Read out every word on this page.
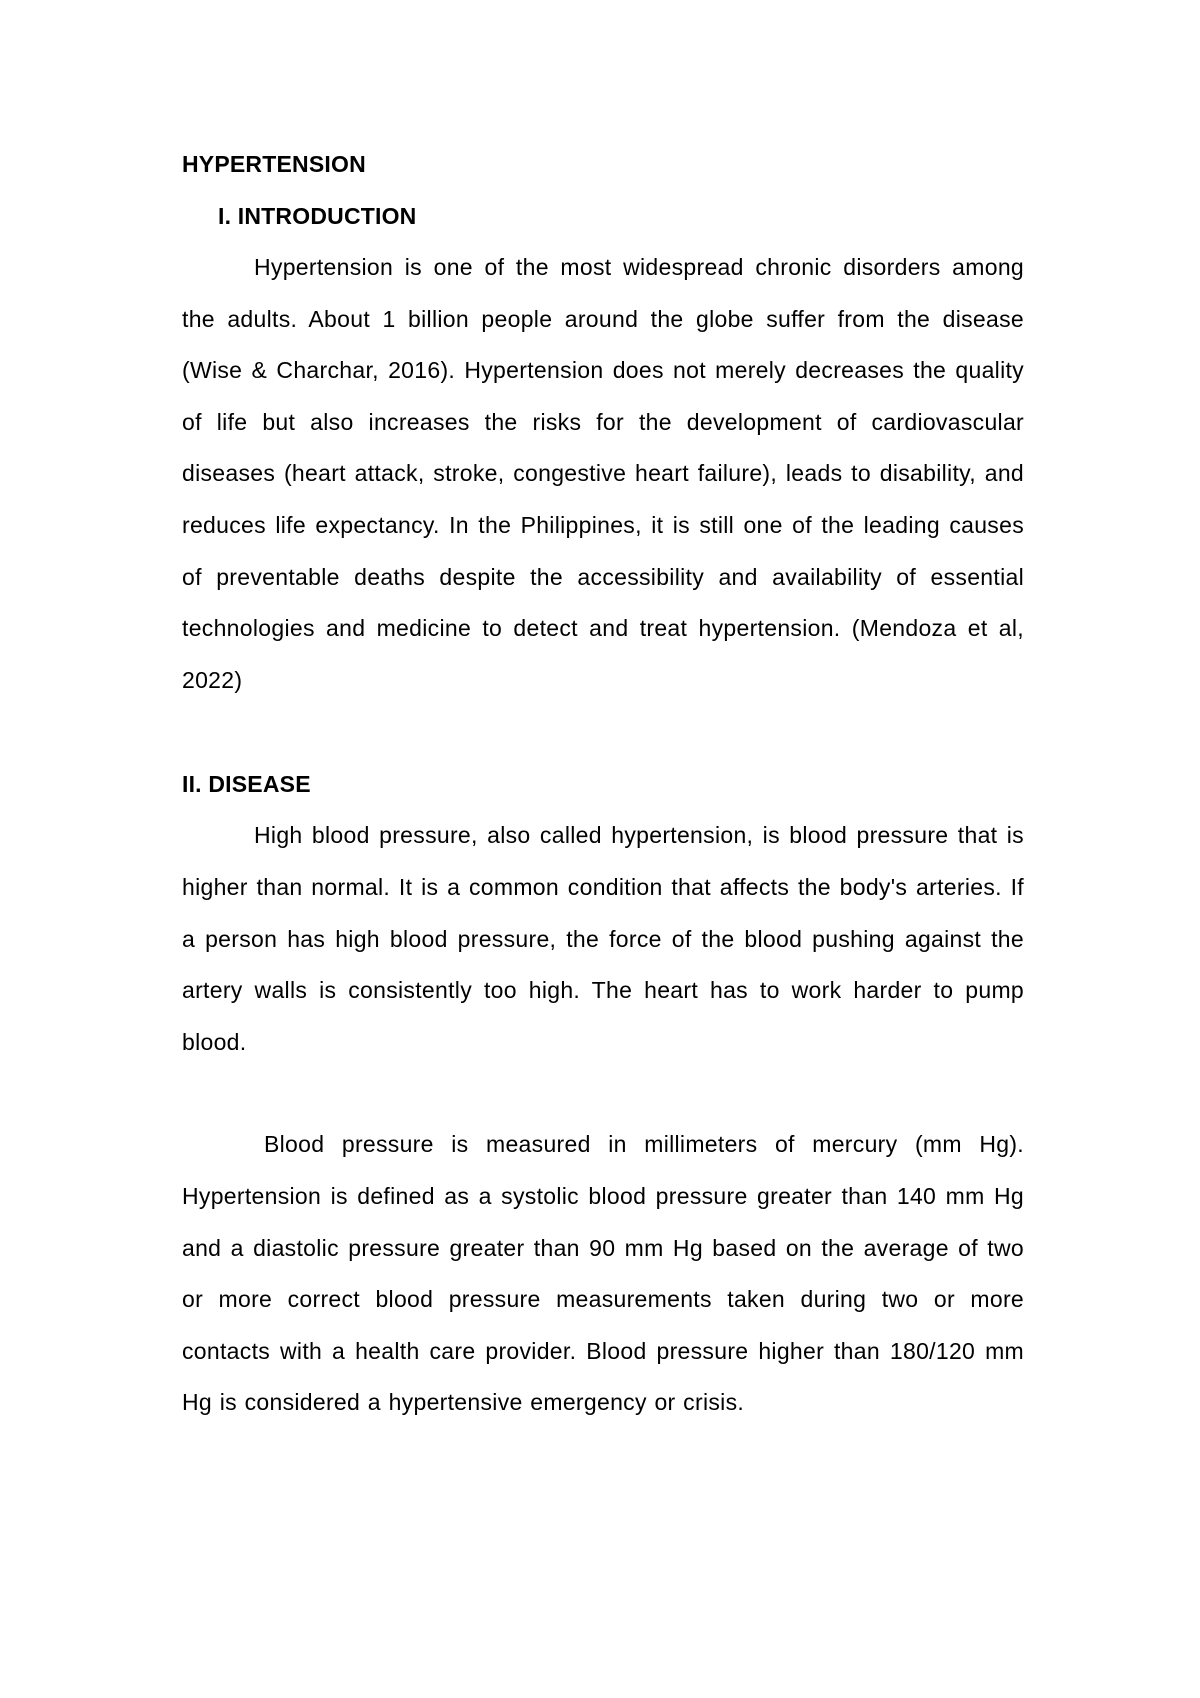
HYPERTENSION
I. INTRODUCTION

Hypertension is one of the most widespread chronic disorders among the adults. About 1 billion people around the globe suffer from the disease (Wise & Charchar, 2016). Hypertension does not merely decreases the quality of life but also increases the risks for the development of cardiovascular diseases (heart attack, stroke, congestive heart failure), leads to disability, and reduces life expectancy. In the Philippines, it is still one of the leading causes of preventable deaths despite the accessibility and availability of essential technologies and medicine to detect and treat hypertension. (Mendoza et al, 2022)

II. DISEASE

High blood pressure, also called hypertension, is blood pressure that is higher than normal. It is a common condition that affects the body's arteries. If a person has high blood pressure, the force of the blood pushing against the artery walls is consistently too high. The heart has to work harder to pump blood.

Blood pressure is measured in millimeters of mercury (mm Hg). Hypertension is defined as a systolic blood pressure greater than 140 mm Hg and a diastolic pressure greater than 90 mm Hg based on the average of two or more correct blood pressure measurements taken during two or more contacts with a health care provider. Blood pressure higher than 180/120 mm Hg is considered a hypertensive emergency or crisis.
